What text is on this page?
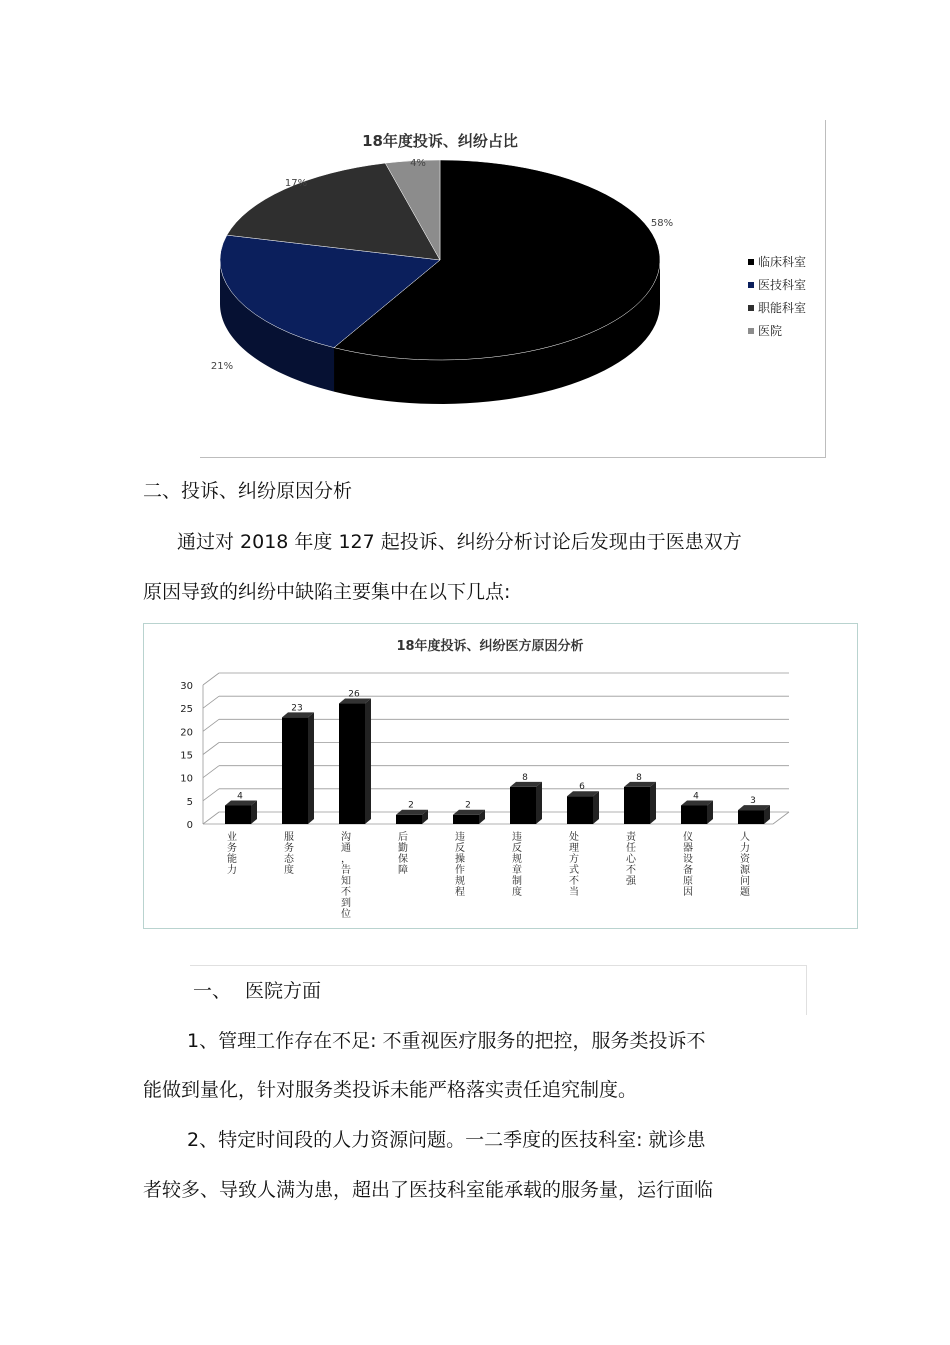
18年度投诉、纠纷占比
58%
21%
17%
4%
临床科室
医技科室
职能科室
医院
二、投诉、纠纷原因分析
通过对 2018 年度 127 起投诉、纠纷分析讨论后发现由于医患双方
原因导致的纠纷中缺陷主要集中在以下几点:
18年度投诉、纠纷医方原因分析
0
5
10
15
20
25
30
4
业
务
能
力
23
服
务
态
度
26
沟
通
，
告
知
不
到
位
2
后
勤
保
障
2
违
反
操
作
规
程
8
违
反
规
章
制
度
6
处
理
方
式
不
当
8
责
任
心
不
强
4
仪
器
设
备
原
因
3
人
力
资
源
问
题
一、 医院方面
1、管理工作存在不足: 不重视医疗服务的把控，服务类投诉不
能做到量化，针对服务类投诉未能严格落实责任追究制度。
2、特定时间段的人力资源问题。一二季度的医技科室: 就诊患
者较多、导致人满为患，超出了医技科室能承载的服务量，运行面临
